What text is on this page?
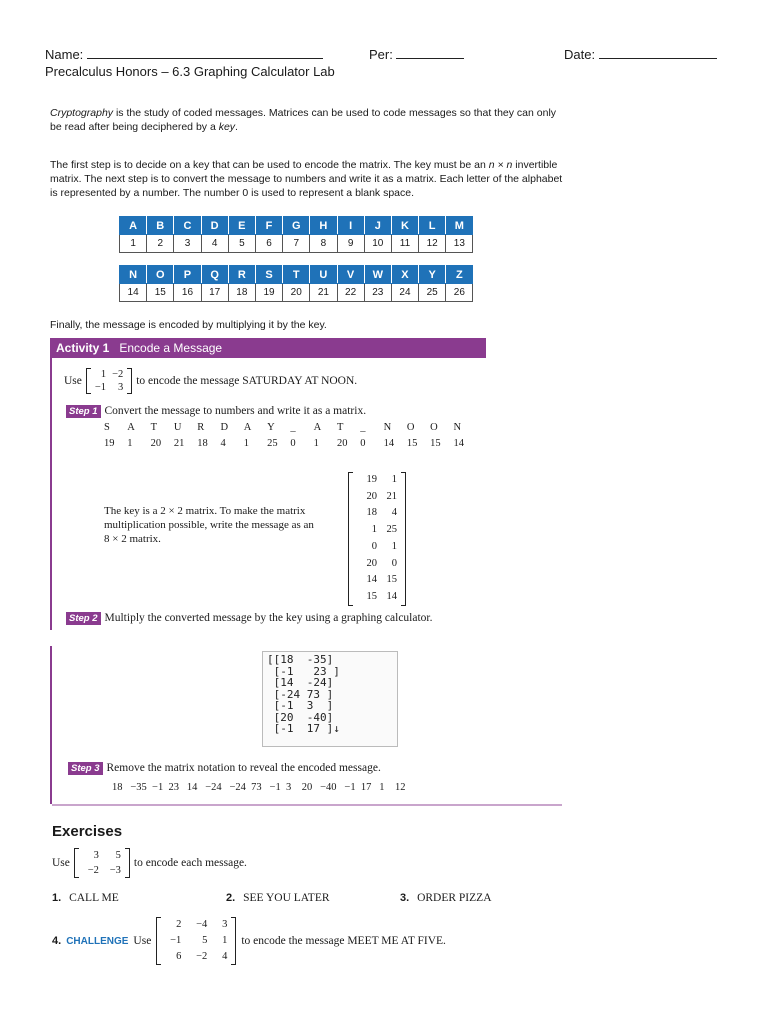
Name:	Per:	Date:
Precalculus Honors – 6.3 Graphing Calculator Lab
Cryptography is the study of coded messages. Matrices can be used to code messages so that they can only be read after being deciphered by a key.
The first step is to decide on a key that can be used to encode the matrix. The key must be an n × n invertible matrix. The next step is to convert the message to numbers and write it as a matrix. Each letter of the alphabet is represented by a number. The number 0 is used to represent a blank space.
A	B	C	D	E	F	G	H	I	J	K	L	M
1	2	3	4	5	6	7	8	9	10	11	12	13
N	O	P	Q	R	S	T	U	V	W	X	Y	Z
14	15	16	17	18	19	20	21	22	23	24	25	26
Finally, the message is encoded by multiplying it by the key.
Activity 1 Encode a Message
Use
1 −2
−1	3
to encode the message SATURDAY AT NOON.
Step 1 Convert the message to numbers and write it as a matrix.
S	A	T	U	R	D	A	Y	_	A	T	_	N	O	O	N
19	1	20	21	18	4	1	25	0	1	20	0	14	15	15	14
The key is a 2 × 2 matrix. To make the matrix multiplication possible, write the message as an 8 × 2 matrix.
19	1
20 21
18	4
1 25
0	1
20	0
14 15
15 14
Step 2 Multiply the converted message by the key using a graphing calculator.
[[18  -35]
[-1   23 ]
[14  -24]
[-24 73 ]
[-1  3  ]
[20  -40]
[-1  17 ]↓
Step 3 Remove the matrix notation to reveal the encoded message.
18   −35  −1  23   14   −24   −24  73   −1  3    20   −40   −1  17   1    12
Exercises
Use
3	5
−2	−3
to encode each message.
1. CALL ME	2. SEE YOU LATER	3. ORDER PIZZA
4. CHALLENGE Use
2	−4	3
−1	5	1
6	−2	4
to encode the message MEET ME AT FIVE.
